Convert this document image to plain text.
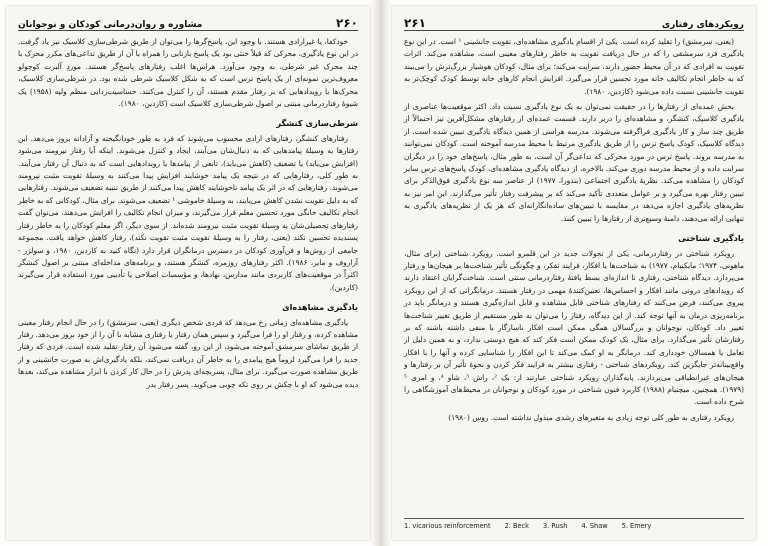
۲۶۰
مشاوره و روان‌درمانی کودکان و نوجوانان

خودکفا، یا غیرارادی هستند. با وجود این، پاسخ‌گرها را می‌توان از طریق شرطی‌سازی کلاسیک نیز یاد گرفت. در این نوع یادگیری، محرکی که قبلاً خنثی بود یک پاسخ بازتابی را همراه با آن از طریق تداعی‌های مکرر محرک با چند محرک غیر شرطی، به وجود می‌آورد. هراس‌ها اغلب رفتارهای پاسخ‌گر هستند. موردِ آلبرت کوچولو معروف‌ترین نمونه‌ای از یک پاسخ ترس است که به شکل کلاسیک شرطی شده بود. در شرطی‌سازی کلاسیک، محرک‌ها یا رویدادهایی که بر رفتار مقدم هستند، آن را کنترل می‌کنند. حساسیت‌زدایی منظم ولپه (۱۹۵۸) یک شیوهٔ رفتاردرمانی مبتنی بر اصول شرطی‌سازی کلاسیک است (کازدین، ۱۹۸۰).

شرطی‌سازی کنشگر

رفتارهای کنشگر، رفتارهای ارادی محسوب می‌شوند که فرد به طور خودانگیخته و آزادانه بروز می‌دهد. این رفتارها به وسیلهٔ پیامدهایی که به دنبال‌شان می‌آیند، ایجاد و کنترل می‌شوند. اینکه آیا رفتار نیرومند می‌شود (افزایش می‌یابد) یا تضعیف (کاهش می‌یابد)، تابعی از پیامدها یا رویدادهایی است که به دنبال آن رفتار می‌آیند. به طور کلی، رفتارهایی که در نتیجه یک پیامد خوشایند افزایش پیدا می‌کنند به وسیلهٔ تقویت مثبت نیرومند می‌شوند. رفتارهایی که در اثر یک پیامد ناخوشایند کاهش پیدا می‌کنند از طریق تنبیه تضعیف می‌شوند. رفتارهایی که به دلیل تقویت نشدن کاهش می‌یابند، به وسیلهٔ خاموشی ¹ تضعیف می‌شوند. برای مثال، کودکانی که به خاطر انجام تکالیف خانگی مورد تحسین معلم قرار می‌گیرند، و میزان انجام تکالیف را افزایش می‌دهند، می‌توان گفت رفتارهای تحصیلی‌شان به وسیلهٔ تقویت مثبت نیرومند شده‌اند. از سوی دیگر، اگر معلم کودکان را به خاطر رفتار پسندیده تحسین نکند (یعنی، رفتار را به وسیلهٔ تقویت مثبت تقویت نکند)، رفتار کاهش خواهد یافت. مجموعه جامعی از روش‌ها و فن‌آوری کودکان در دسترس درمانگران قرار دارد (نگاه کنید به کازدین، ۱۹۸۰، و سولزر - آزاروف و مایر، ۱۹۸۶). اکثر رفتارهای روزمره، کنشگر هستند، و برنامه‌های مداخله‌ای مبتنی بر اصول کنشگر اکثراً در موقعیت‌های کاربردی مانند مدارس، نهادها، و مؤسسات اصلاحی یا تأدیبی مورد استفاده قرار می‌گیرند (کازدین).

یادگیری مشاهده‌ای

یادگیری مشاهده‌ای زمانی رخ می‌دهد که فردی شخص دیگری (یعنی، سرمشق) را در حال انجام رفتار معینی مشاهده کرده، و رفتار او را فرا می‌گیرد و سپس همان رفتار یا رفتاری مشابه با آن را از خود بروز می‌دهد. رفتار از طریق تماشای سرمشق آموخته می‌شود، از این رو، گفته می‌شود آن رفتار تقلید شده است. فردی که رفتار جدید را فرا می‌گیرد لزوماً هیچ پیامدی را به خاطر آن دریافت نمی‌کند، بلکه یادگیری‌اش به صورت جانشینی و از طریق مشاهده صورت می‌گیرد. برای مثال، پسربچه‌ای پدرش را در حال کار کردن با ابزار مشاهده می‌کند، بعدها دیده می‌شود که او با چکش بر روی تکه چوبی می‌کوبد. پسر رفتار پدر

رویکردهای رفتاری
۲۶۱

(یعنی، سرمشق) را تقلید کرده است. یکی از اقسام یادگیری مشاهده‌ای، تقویت جانشینی ¹ است. در این نوع یادگیری فرد سرمشقی را که در حال دریافت تقویت به خاطر رفتارهای معینی است، مشاهده می‌کند. اثرات تقویت به افرادی که در آن محیط حضور دارند، سرایت می‌کند؛ برای مثال، کودکان هوشیار بزرگ‌ترش را می‌بیند که به خاطر انجام تکالیف خانه مورد تحسین قرار می‌گیرد. افزایش انجام کارهای خانه توسط کودک کوچک‌تر به تقویت جانشینی نسبت داده می‌شود (کازدین، ۱۹۸۰).

بخش عمده‌ای از رفتارها را در حقیقت نمی‌توان به یک نوع یادگیری نسبت داد. اکثر موقعیت‌ها عناصری از یادگیری کلاسیک، کنشگر، و مشاهده‌ای را دربر دارند. قسمت عمده‌ای از رفتارهای مشکل‌آفرین نیز احتمالاً از طریق چند ساز و کار یادگیری فراگرفته می‌شوند. مدرسه هراسی از همین دیدگاه یادگیری تبیین شده است. از دیدگاه کلاسیک، کودک پاسخ ترس را از طریق یادگیری مرتبط با محیط مدرسه آموخته است. کودکان نمی‌توانند به مدرسه بروند. پاسخ ترس در مورد محرکی که تداعی‌گر آن است، به طور مثال، پاسخ‌های خود را در دیگران سرایت داده و از محیط مدرسه دوری می‌کند. بالاخره، از دیدگاه یادگیری مشاهده‌ای، کودک پاسخ‌های ترس سایر کودکان را مشاهده می‌کند. نظریهٔ یادگیری اجتماعی (بندورا، ۱۹۷۷) از عناصر سه نوع یادگیری فوق‌الذکر برای تبیین رفتار بهره می‌گیرد و بر عوامل متعددی تأکید می‌کند که بر پیشرفت رفتار تأثیر می‌گذارند. این امر نیز به نظریه‌های یادگیری اجازه می‌دهد در مقایسه با تبیین‌های ساده‌انگارانه‌ای که هر یک از نظریه‌های یادگیری به تنهایی ارائه می‌دهند، دامنهٔ وسیع‌تری از رفتارها را تبیین کنند.

یادگیری شناختی

رویکرد شناختی در رفتاردرمانی، یکی از تحولات جدید در این قلمرو است. رویکرد شناختی (برای مثال، ماهونی، ۱۹۷۴؛ مایکنبام، ۱۹۷۷) به شناخت‌ها یا افکار، فرایند تفکر، و چگونگی تأثیر شناخت‌ها بر هیجان‌ها و رفتار می‌پردازد. دیدگاه شناختی، رفتاری تا اندازه‌ای بسط یافتهٔ رفتاردرمانی سنتی است. شناخت‌گرایان اعتقاد دارند که رویدادهای درونی مانند افکار و احساس‌ها، تعیین‌کنندهٔ مهمی در رفتار هستند. درمانگرانی که از این رویکرد پیروی می‌کنند، فرض می‌کنند که رفتارهای شناختی قابل مشاهده و قابل اندازه‌گیری هستند و درمانگر باید در برنامه‌ریزی درمان به آنها توجه کند. از این دیدگاه، رفتار را می‌توان به طور مستقیم از طریق تغییر شناخت‌ها تغییر داد. کودکان، نوجوانان و بزرگسالان همگی ممکن است افکار ناسازگار یا منفی داشته باشند که بر رفتارشان تأثیر می‌گذارد. برای مثال، یک کودک ممکن است فکر کند که هیچ دوستی ندارد، و به همین دلیل از تعامل با همسالان خودداری کند. درمانگر به او کمک می‌کند تا این افکار را شناسایی کرده و آنها را با افکار واقع‌بینانه‌تر جایگزین کند. رویکردهای شناختی - رفتاری بیشتر به فرایند فکر کردن و نحوهٔ تأثیر آن بر رفتارها و هیجان‌های غیرانطباقی می‌پردازند. پایه‌گذاران رویکرد شناختی عبارتند از: بک ²، راش ³، شاو ⁴، و امری ⁵ (۱۹۷۹). همچنین، میچنبام (۱۹۸۸) کاربرد فنون شناختی در مورد کودکان و نوجوانان در محیط‌های آموزشگاهی را شرح داده است.

رویکرد رفتاری به طور کلی توجه زیادی به متغیرهای رشدی مبذول نداشته است. روس (۱۹۸۰)

1. vicarious reinforcement 2. Beck 3. Rush 4. Shaw 5. Emery
